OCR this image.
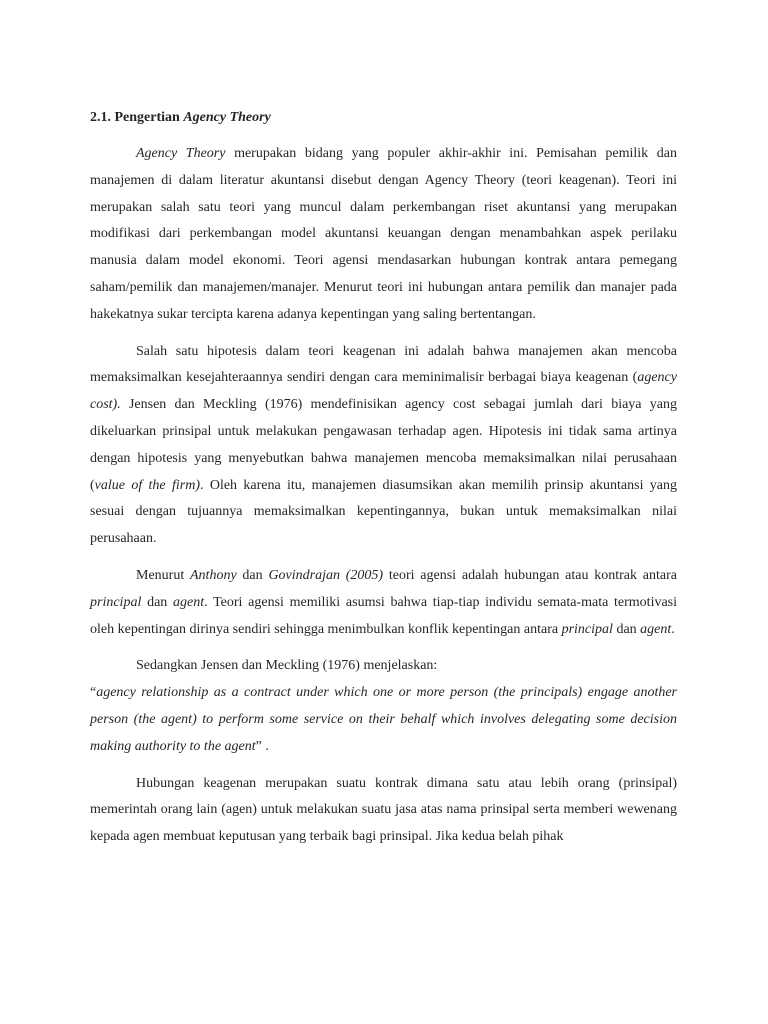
2.1. Pengertian Agency Theory

Agency Theory merupakan bidang yang populer akhir-akhir ini. Pemisahan pemilik dan manajemen di dalam literatur akuntansi disebut dengan Agency Theory (teori keagenan). Teori ini merupakan salah satu teori yang muncul dalam perkembangan riset akuntansi yang merupakan modifikasi dari perkembangan model akuntansi keuangan dengan menambahkan aspek perilaku manusia dalam model ekonomi. Teori agensi mendasarkan hubungan kontrak antara pemegang saham/pemilik dan manajemen/manajer. Menurut teori ini hubungan antara pemilik dan manajer pada hakekatnya sukar tercipta karena adanya kepentingan yang saling bertentangan.

Salah satu hipotesis dalam teori keagenan ini adalah bahwa manajemen akan mencoba memaksimalkan kesejahteraannya sendiri dengan cara meminimalisir berbagai biaya keagenan (agency cost). Jensen dan Meckling (1976) mendefinisikan agency cost sebagai jumlah dari biaya yang dikeluarkan prinsipal untuk melakukan pengawasan terhadap agen. Hipotesis ini tidak sama artinya dengan hipotesis yang menyebutkan bahwa manajemen mencoba memaksimalkan nilai perusahaan (value of the firm). Oleh karena itu, manajemen diasumsikan akan memilih prinsip akuntansi yang sesuai dengan tujuannya memaksimalkan kepentingannya, bukan untuk memaksimalkan nilai perusahaan.

Menurut Anthony dan Govindrajan (2005) teori agensi adalah hubungan atau kontrak antara principal dan agent. Teori agensi memiliki asumsi bahwa tiap-tiap individu semata-mata termotivasi oleh kepentingan dirinya sendiri sehingga menimbulkan konflik kepentingan antara principal dan agent.

Sedangkan Jensen dan Meckling (1976) menjelaskan:

“agency relationship as a contract under which one or more person (the principals) engage another person (the agent) to perform some service on their behalf which involves delegating some decision making authority to the agent” .

Hubungan keagenan merupakan suatu kontrak dimana satu atau lebih orang (prinsipal) memerintah orang lain (agen) untuk melakukan suatu jasa atas nama prinsipal serta memberi wewenang kepada agen membuat keputusan yang terbaik bagi prinsipal. Jika kedua belah pihak
